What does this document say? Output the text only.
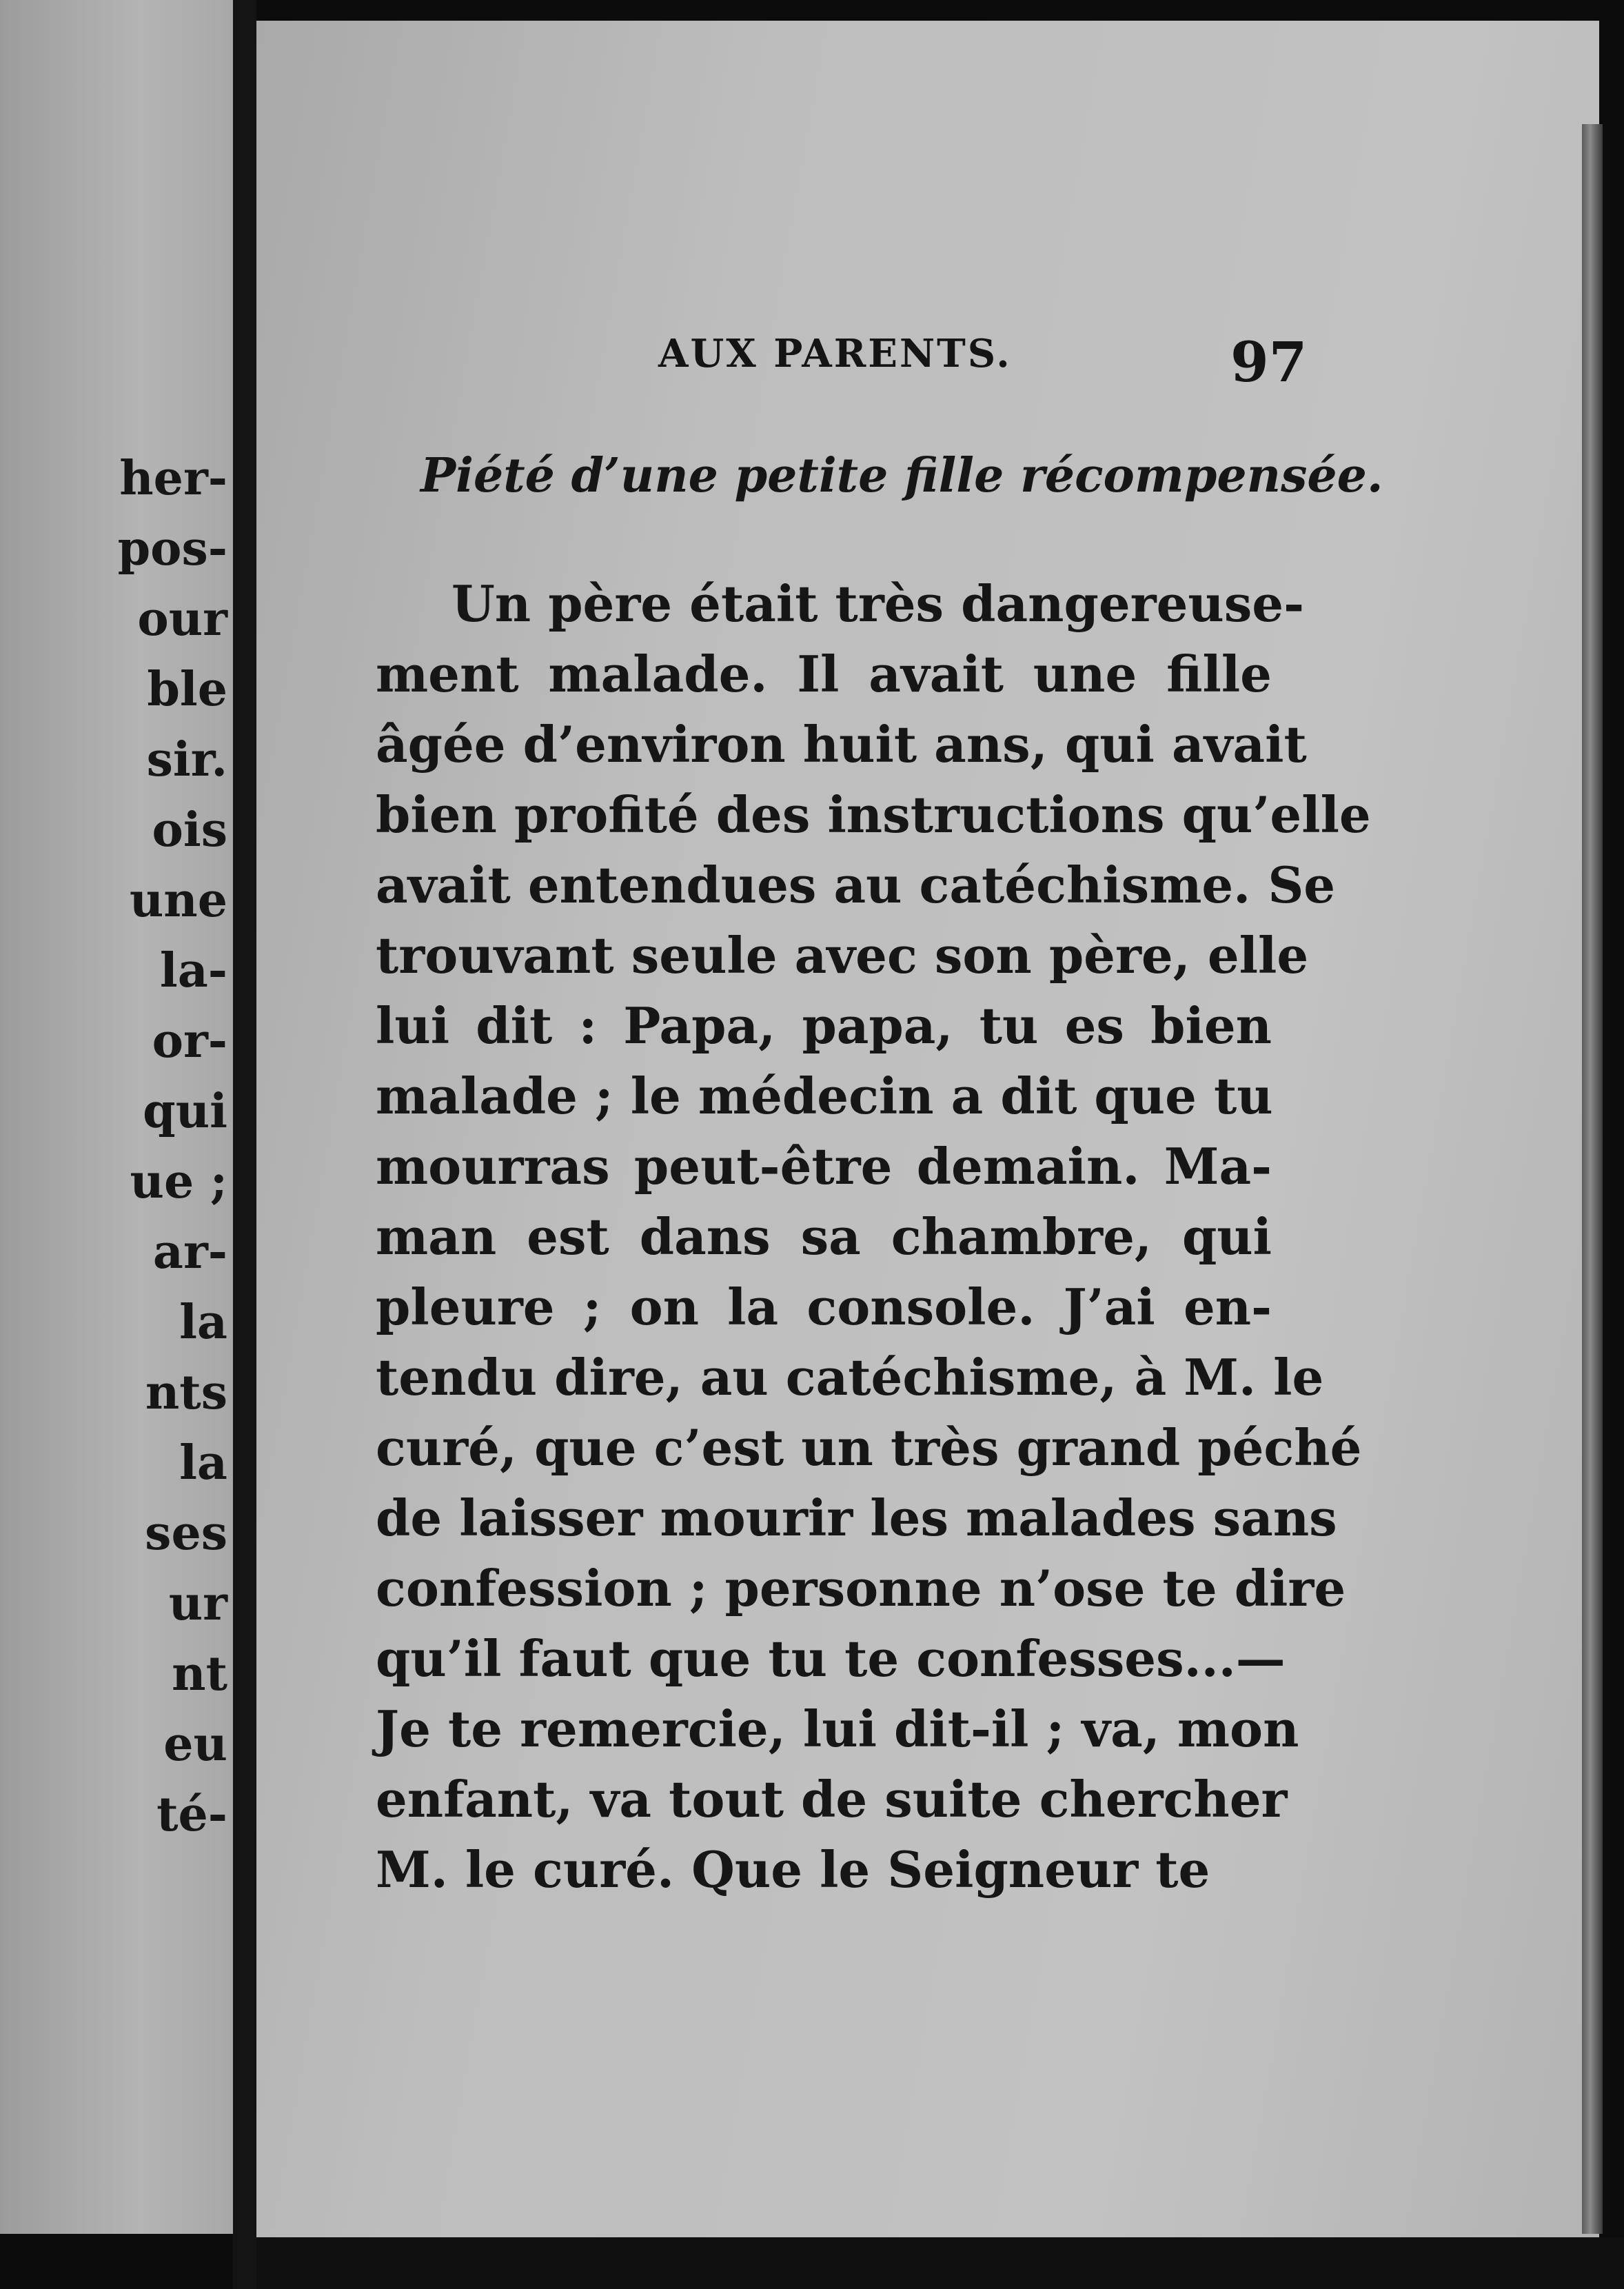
her-
pos-
our
ble
sir.
ois
une
la-
or-
qui
ue ;
ar-
la
nts
la
ses
ur
nt
eu
té-
AUX PARENTS.	97
Piété d’une petite fille récompensée.
Un père était très dangereuse-
ment malade. Il avait une fille
âgée d’environ huit ans, qui avait
bien profité des instructions qu’elle
avait entendues au catéchisme. Se
trouvant seule avec son père, elle
lui dit : Papa, papa, tu es bien
malade ; le médecin a dit que tu
mourras peut-être demain. Ma-
man est dans sa chambre, qui
pleure ; on la console. J’ai en-
tendu dire, au catéchisme, à M. le
curé, que c’est un très grand péché
de laisser mourir les malades sans
confession ; personne n’ose te dire
qu’il faut que tu te confesses...—
Je te remercie, lui dit-il ; va, mon
enfant, va tout de suite chercher
M. le curé. Que le Seigneur te
